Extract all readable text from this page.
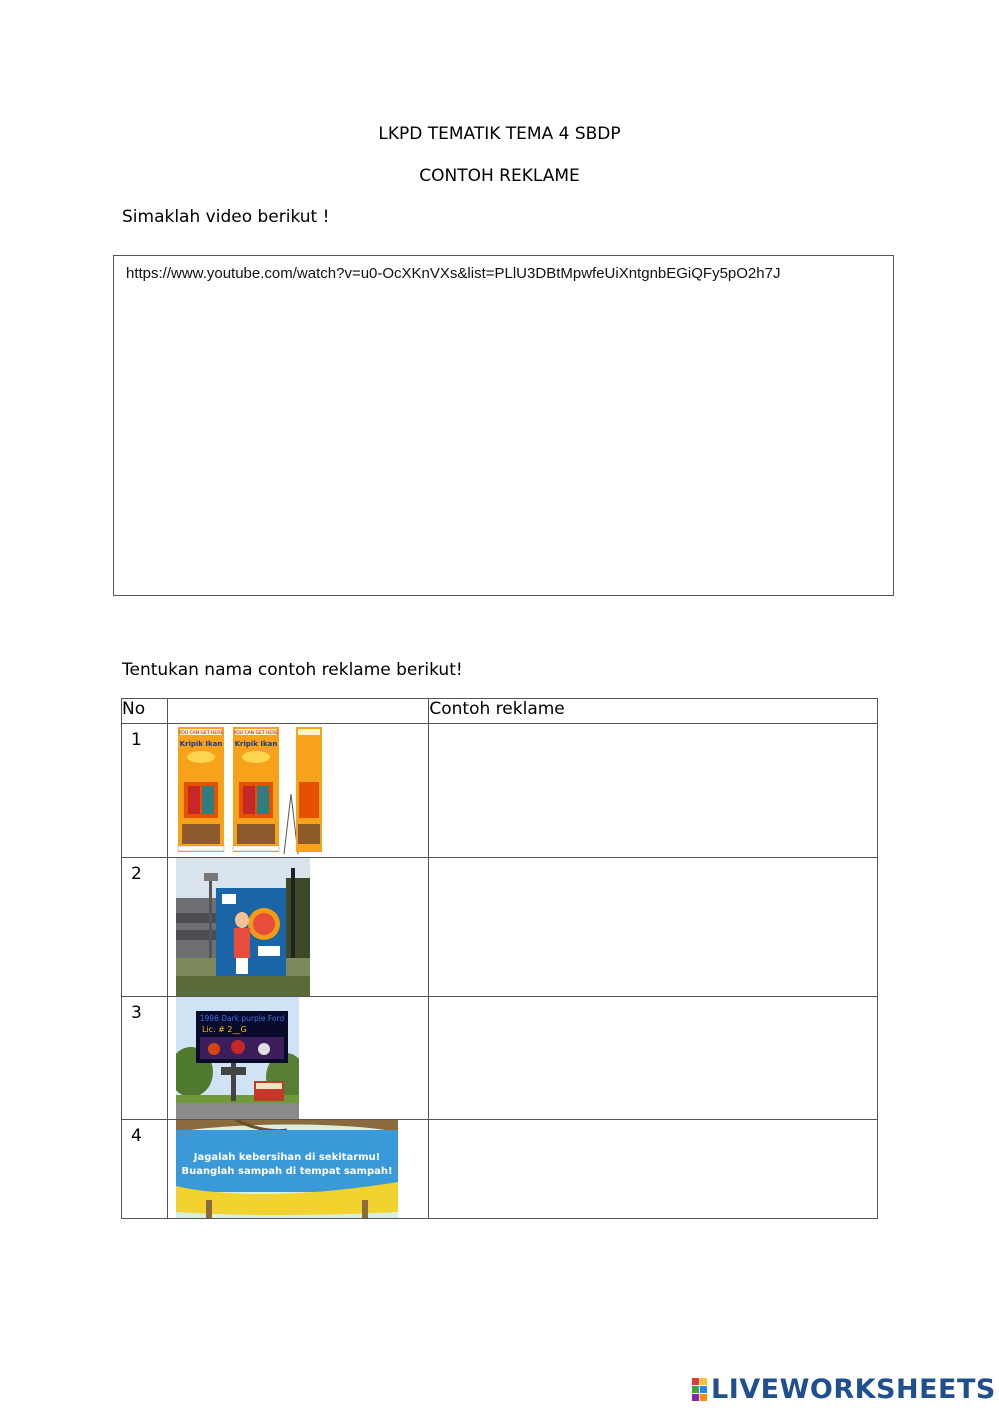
LKPD TEMATIK TEMA 4 SBDP
CONTOH REKLAME
Simaklah video berikut !
https://www.youtube.com/watch?v=u0-OcXKnVXs&list=PLlU3DBtMpwfeUiXntgnbEGiQFy5pO2h7J
Tentukan nama contoh reklame berikut!
No		Contoh reklame
1	YOU CAN GET HERE
Kripik Ikan
YOU CAN GET HERE
Kripik Ikan	

2	

3	1996 Dark purple Ford
Lic. # 2__G	

4	Jagalah kebersihan di sekitarmu!
Buanglah sampah di tempat sampah!	

LIVEWORKSHEETS
